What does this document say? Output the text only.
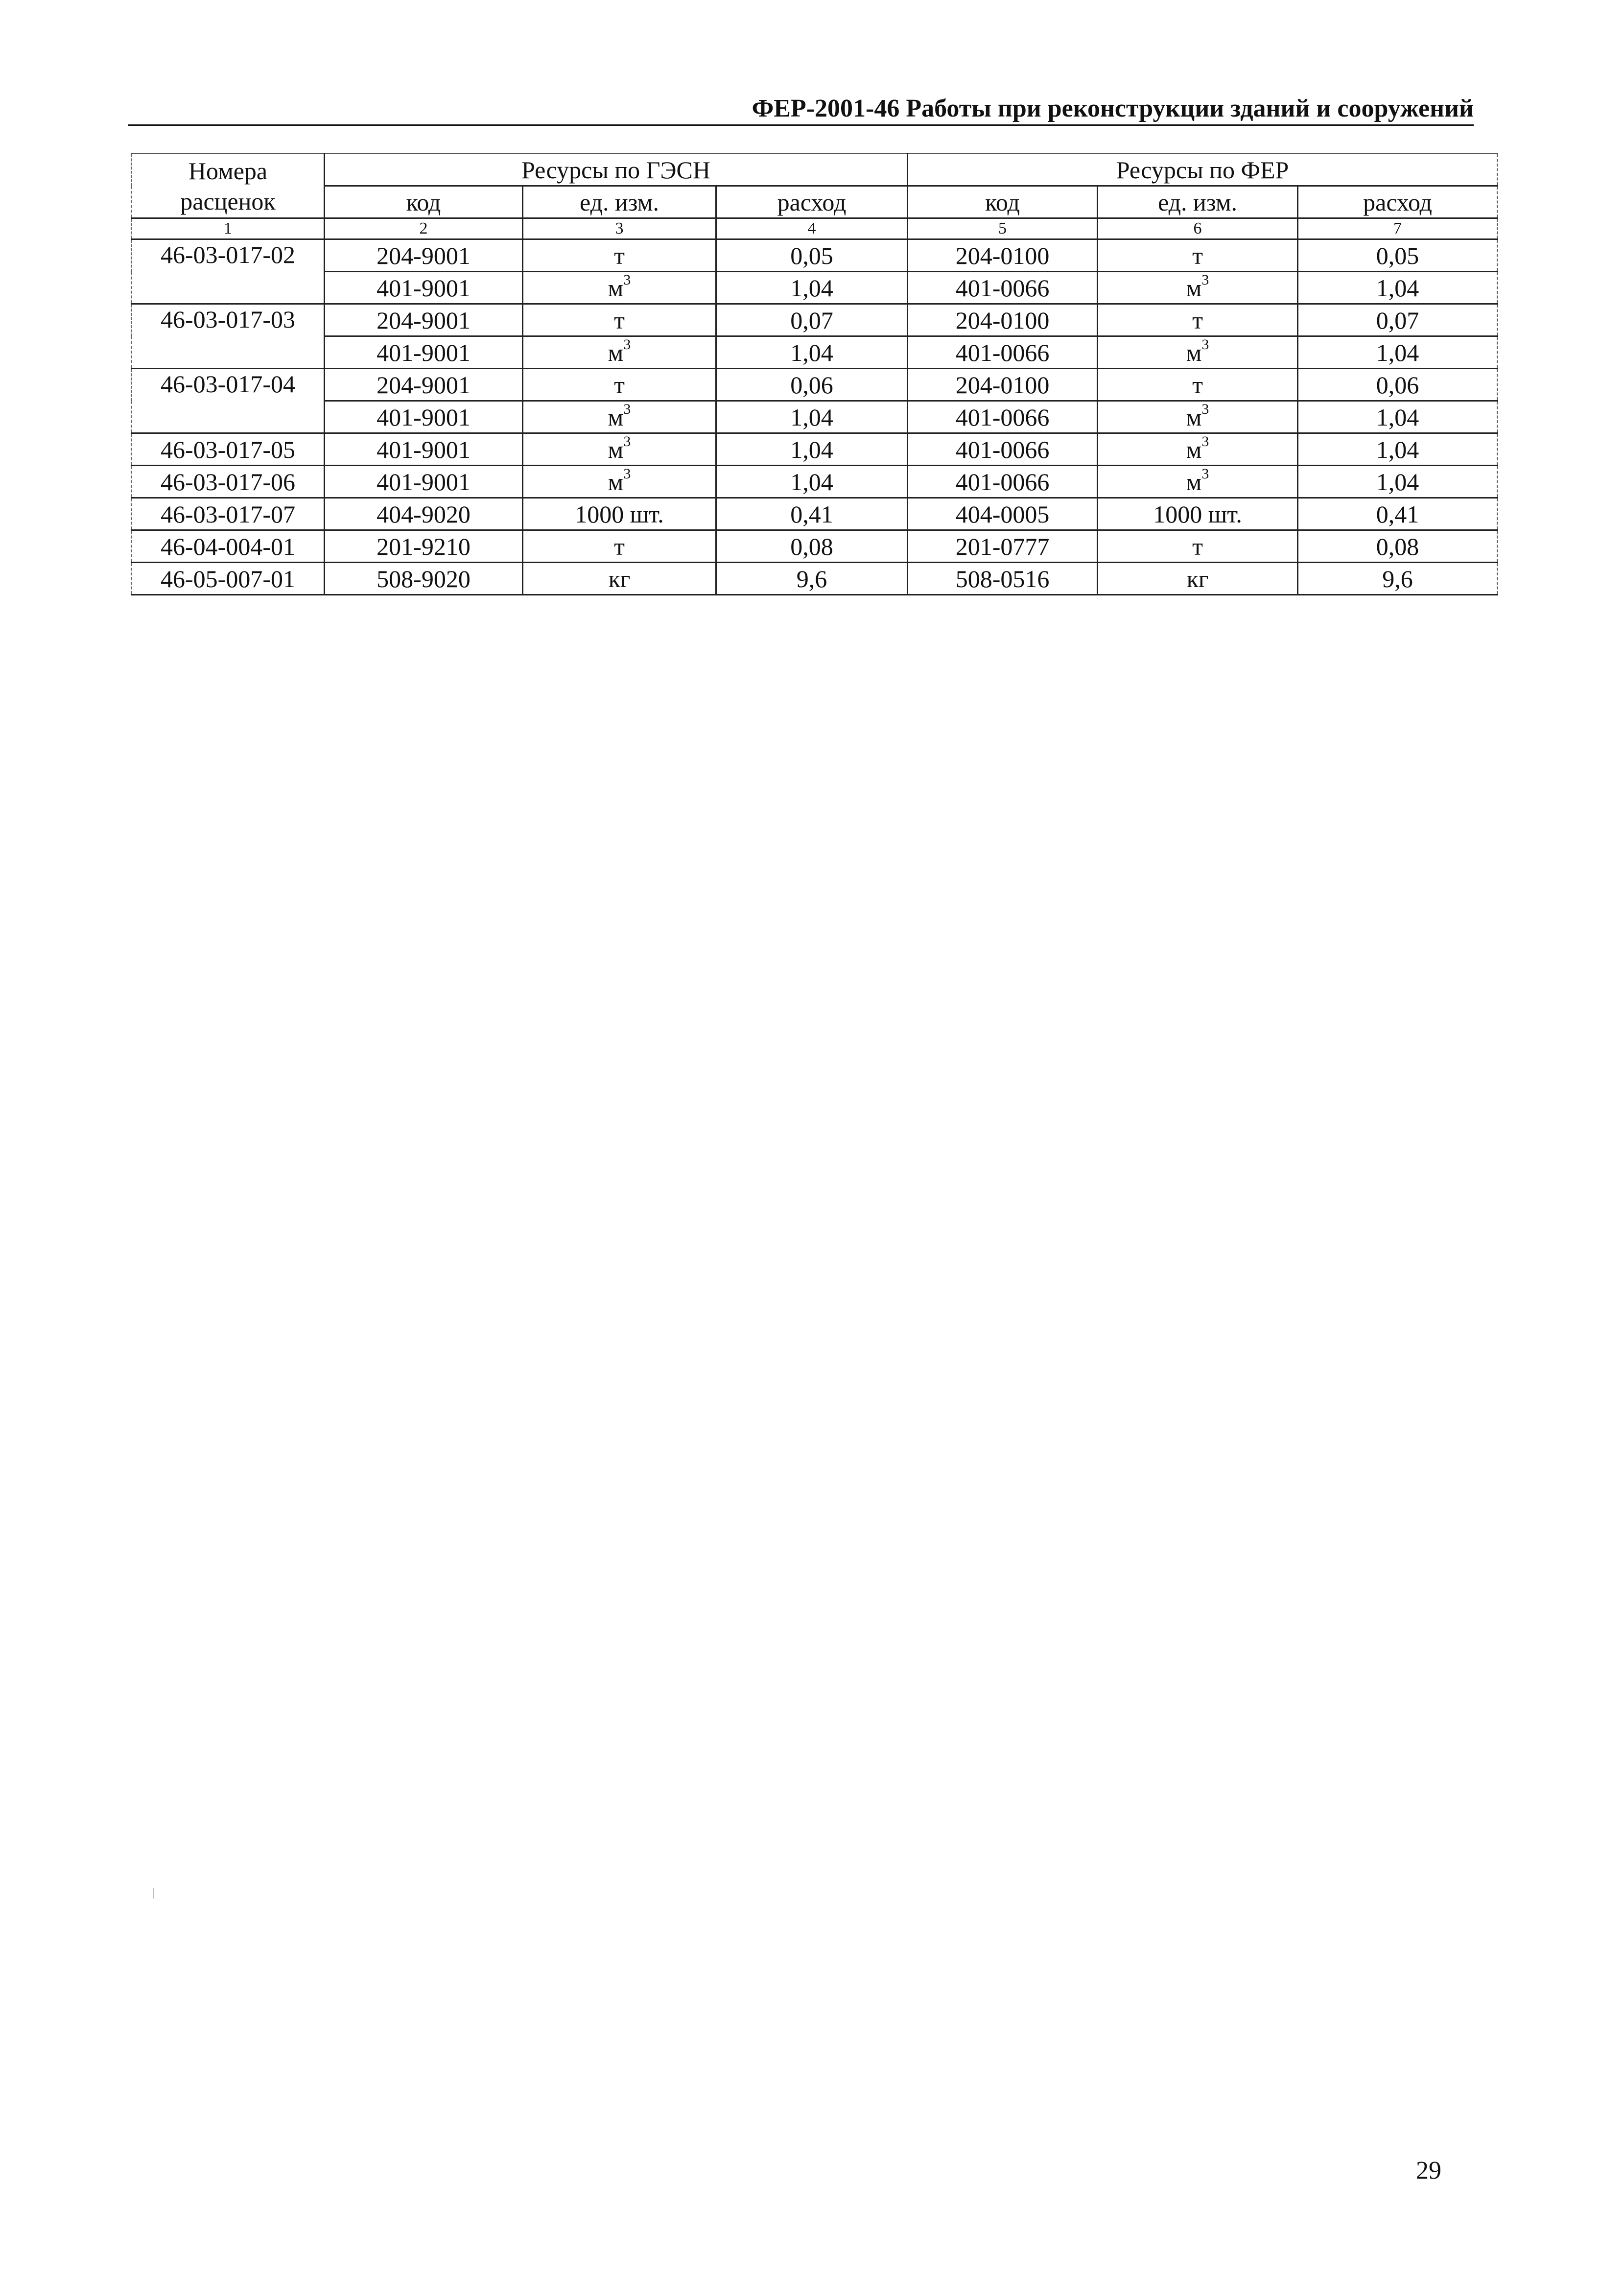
ФЕР-2001-46 Работы при реконструкции зданий и сооружений
Номера расценок	Ресурсы по ГЭСН			Ресурсы по ФЕР		
	код	ед. изм.	расход	код	ед. изм.	расход
1	2	3	4	5	6	7
46-03-017-02	204-9001	т	0,05	204-0100	т	0,05
	401-9001	$м^3$	1,04	401-0066	$м^3$	1,04
46-03-017-03	204-9001	т	0,07	204-0100	т	0,07
	401-9001	$м^3$	1,04	401-0066	$м^3$	1,04
46-03-017-04	204-9001	т	0,06	204-0100	т	0,06
	401-9001	$м^3$	1,04	401-0066	$м^3$	1,04
46-03-017-05	401-9001	$м^3$	1,04	401-0066	$м^3$	1,04
46-03-017-06	401-9001	$м^3$	1,04	401-0066	$м^3$	1,04
46-03-017-07	404-9020	1000 шт.	0,41	404-0005	1000 шт.	0,41
46-04-004-01	201-9210	т	0,08	201-0777	т	0,08
46-05-007-01	508-9020	кг	9,6	508-0516	кг	9,6
29
